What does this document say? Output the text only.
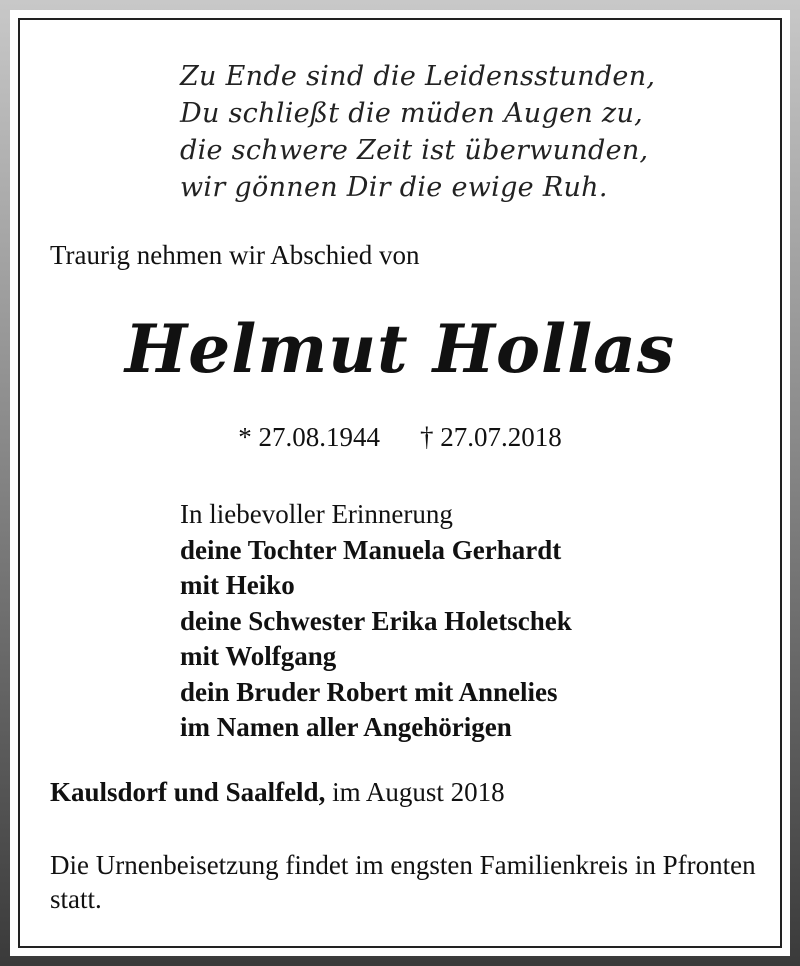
Zu Ende sind die Leidensstunden,
Du schließt die müden Augen zu,
die schwere Zeit ist überwunden,
wir gönnen Dir die ewige Ruh.
Traurig nehmen wir Abschied von
Helmut Hollas
* 27.08.1944 † 27.07.2018
In liebevoller Erinnerung
deine Tochter Manuela Gerhardt
mit Heiko
deine Schwester Erika Holetschek
mit Wolfgang
dein Bruder Robert mit Annelies
im Namen aller Angehörigen
Kaulsdorf und Saalfeld, im August 2018
Die Urnenbeisetzung findet im engsten Familienkreis in Pfronten statt.
